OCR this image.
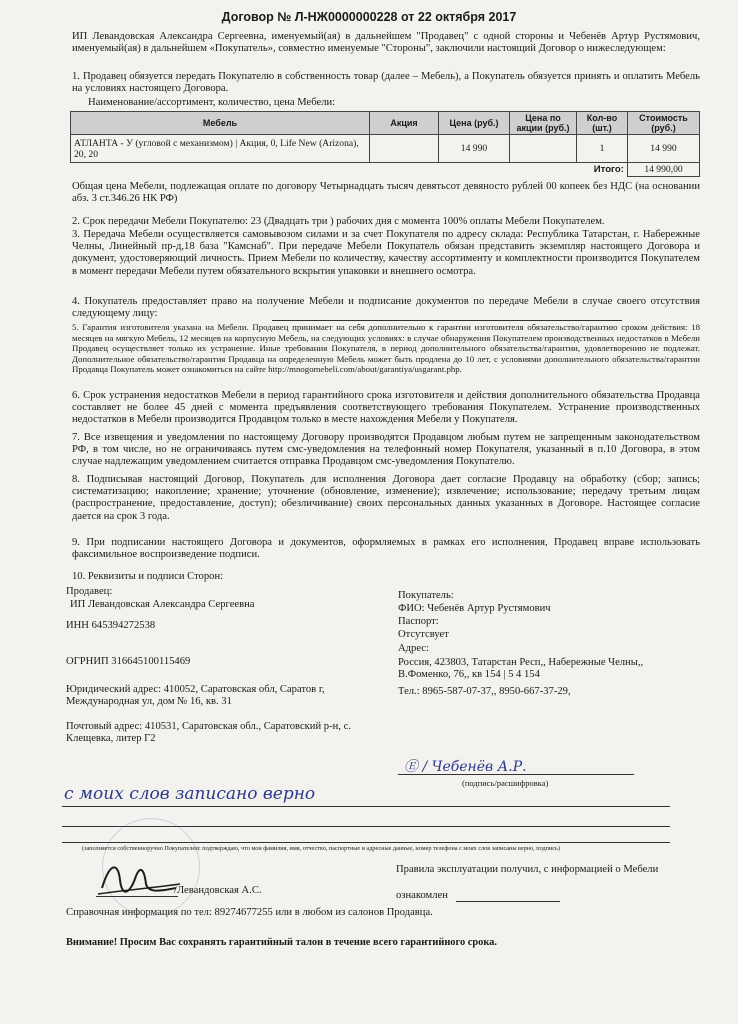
Договор № Л-НЖ0000000228 от 22 октября 2017
ИП Левандовская Александра Сергеевна, именуемый(ая) в дальнейшем "Продавец" с одной стороны и Чебенёв Артур Рустямович, именуемый(ая) в дальнейшем «Покупатель», совместно именуемые "Стороны", заключили настоящий Договор о нижеследующем:
1. Продавец обязуется передать Покупателю в собственность товар (далее – Мебель), а Покупатель обязуется принять и оплатить Мебель на условиях настоящего Договора.
Наименование/ассортимент, количество, цена Мебели:
Мебель	Акция	Цена (руб.)	Цена по акции (руб.)	Кол-во (шт.)	Стоимость (руб.)
АТЛАНТА - У (угловой с механизмом) | Акция, 0, Life New (Arizona), 20, 20		14 990		1	14 990
Итого:					14 990,00
Общая цена Мебели, подлежащая оплате по договору Четырнадцать тысяч девятьсот девяносто рублей 00 копеек без НДС (на основании абз. 3 ст.346.26 НК РФ)
2. Срок передачи Мебели Покупателю: 23 (Двадцать три ) рабочих дня с момента 100% оплаты Мебели Покупателем.
3. Передача Мебели осуществляется самовывозом силами и за счет Покупателя по адресу склада: Республика Татарстан, г. Набережные Челны, Линейный пр-д,18 база "Камснаб". При передаче Мебели Покупатель обязан представить экземпляр настоящего Договора и документ, удостоверяющий личность. Прием Мебели по количеству, качеству ассортименту и комплектности производится Покупателем в момент передачи Мебели путем обязательного вскрытия упаковки и внешнего осмотра.
4. Покупатель предоставляет право на получение Мебели и подписание документов по передаче Мебели в случае своего отсутствия следующему лицу:
5. Гарантия изготовителя указана на Мебели. Продавец принимает на себя дополнительно к гарантии изготовителя обязательство/гарантию сроком действия: 18 месяцев на мягкую Мебель, 12 месяцев на корпусную Мебель, на следующих условиях: в случае обнаружения Покупателем производственных недостатков в Мебели Продавец осуществляет только их устранение. Иные требования Покупателя, в период дополнительного обязательства/гарантии, удовлетворению не подлежат. Дополнительное обязательство/гарантия Продавца на определенную Мебель может быть продлена до 10 лет, с условиями дополнительного обязательства/гарантии Продавца Покупатель может ознакомиться на сайте http://mnogomebeli.com/about/garantiya/usgarant.php.
6. Срок устранения недостатков Мебели в период гарантийного срока изготовителя и действия дополнительного обязательства Продавца составляет не более 45 дней с момента предъявления соответствующего требования Покупателем. Устранение производственных недостатков в Мебели производится Продавцом только в месте нахождения Мебели у Покупателя.
7. Все извещения и уведомления по настоящему Договору производятся Продавцом любым путем не запрещенным законодательством РФ, в том числе, но не ограничиваясь путем смс-уведомления на телефонный номер Покупателя, указанный в п.10 Договора, в этом случае надлежащим уведомлением считается отправка Продавцом смс-уведомления Покупателю.
8. Подписывая настоящий Договор, Покупатель для исполнения Договора дает согласие Продавцу на обработку (сбор; запись; систематизацию; накопление; хранение; уточнение (обновление, изменение); извлечение; использование; передачу третьим лицам (распространение, предоставление, доступ); обезличивание) своих персональных данных указанных в Договоре. Настоящее согласие дается на срок 3 года.
9. При подписании настоящего Договора и документов, оформляемых в рамках его исполнения, Продавец вправе использовать факсимильное воспроизведение подписи.
10. Реквизиты и подписи Сторон:
Продавец:
ИП Левандовская Александра Сергеевна
ИНН 645394272538
ОГРНИП 316645100115469
Юридический адрес: 410052, Саратовская обл, Саратов г, Международная ул, дом № 16, кв. 31
Почтовый адрес: 410531, Саратовская обл., Саратовский р-н, с. Клещевка, литер Г2
Покупатель:
ФИО: Чебенёв Артур Рустямович
Паспорт:
Отсутсвует
Адрес:
Россия, 423803, Татарстан Респ,, Набережные Челны,, В.Фоменко, 76,, кв 154 | 5 4 154
Тел.: 8965-587-07-37,, 8950-667-37-29,
Ⓔ / Чебенёв А.Р.
(подпись/расшифровка)
с моих слов записано верно
(заполняется собственноручно Покупателем: подтверждаю, что мои фамилия, имя, отчество, паспортные и адресные данные, номер телефона с моих слов записаны верно, подпись)
Правила эксплуатации получил, с информацией о Мебели
ознакомлен
/Левандовская А.С.
Справочная информация по тел: 89274677255 или в любом из салонов Продавца.
Внимание! Просим Вас сохранять гарантийный талон в течение всего гарантийного срока.
